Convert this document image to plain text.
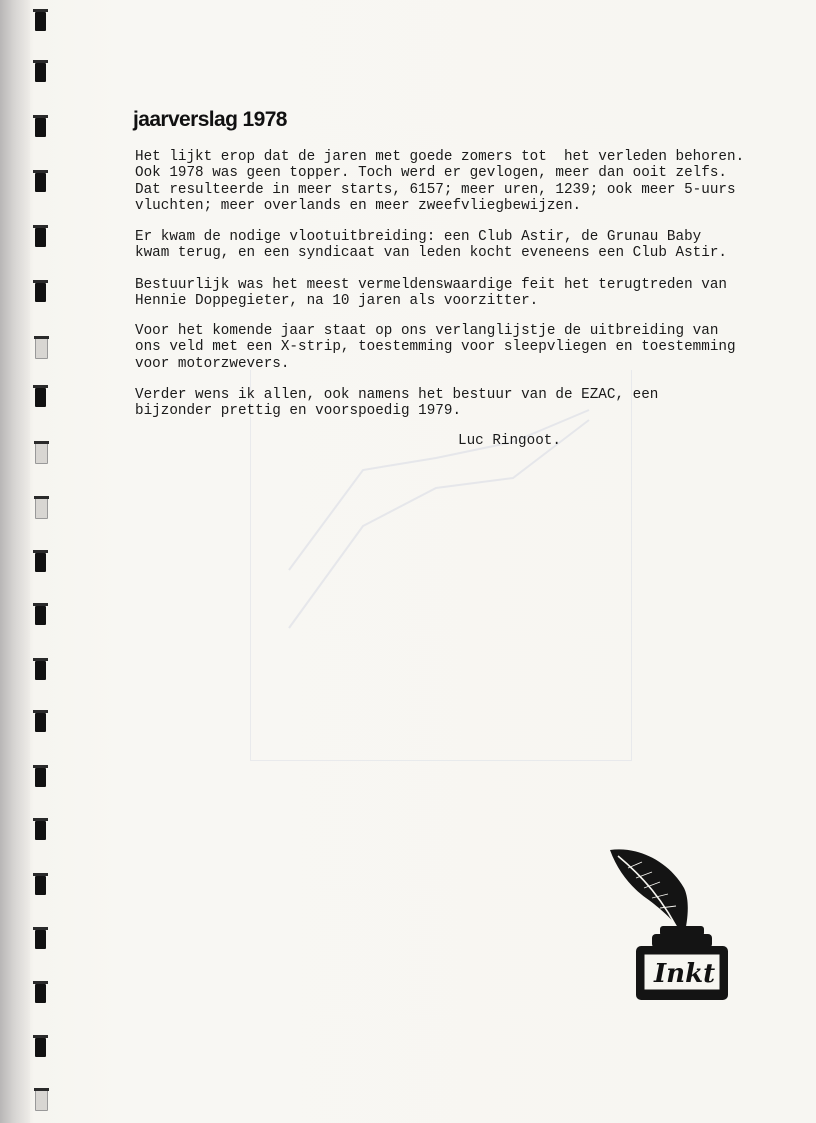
jaarverslag 1978

Het lijkt erop dat de jaren met goede zomers tot  het verleden behoren.
Ook 1978 was geen topper. Toch werd er gevlogen, meer dan ooit zelfs.
Dat resulteerde in meer starts, 6157; meer uren, 1239; ook meer 5-uurs
vluchten; meer overlands en meer zweefvliegbewijzen.

Er kwam de nodige vlootuitbreiding: een Club Astir, de Grunau Baby
kwam terug, en een syndicaat van leden kocht eveneens een Club Astir.

Bestuurlijk was het meest vermeldenswaardige feit het terugtreden van
Hennie Doppegieter, na 10 jaren als voorzitter.

Voor het komende jaar staat op ons verlanglijstje de uitbreiding van
ons veld met een X-strip, toestemming voor sleepvliegen en toestemming
voor motorzwevers.

Verder wens ik allen, ook namens het bestuur van de EZAC, een
bijzonder prettig en voorspoedig 1979.

Luc Ringoot.
Inkt
